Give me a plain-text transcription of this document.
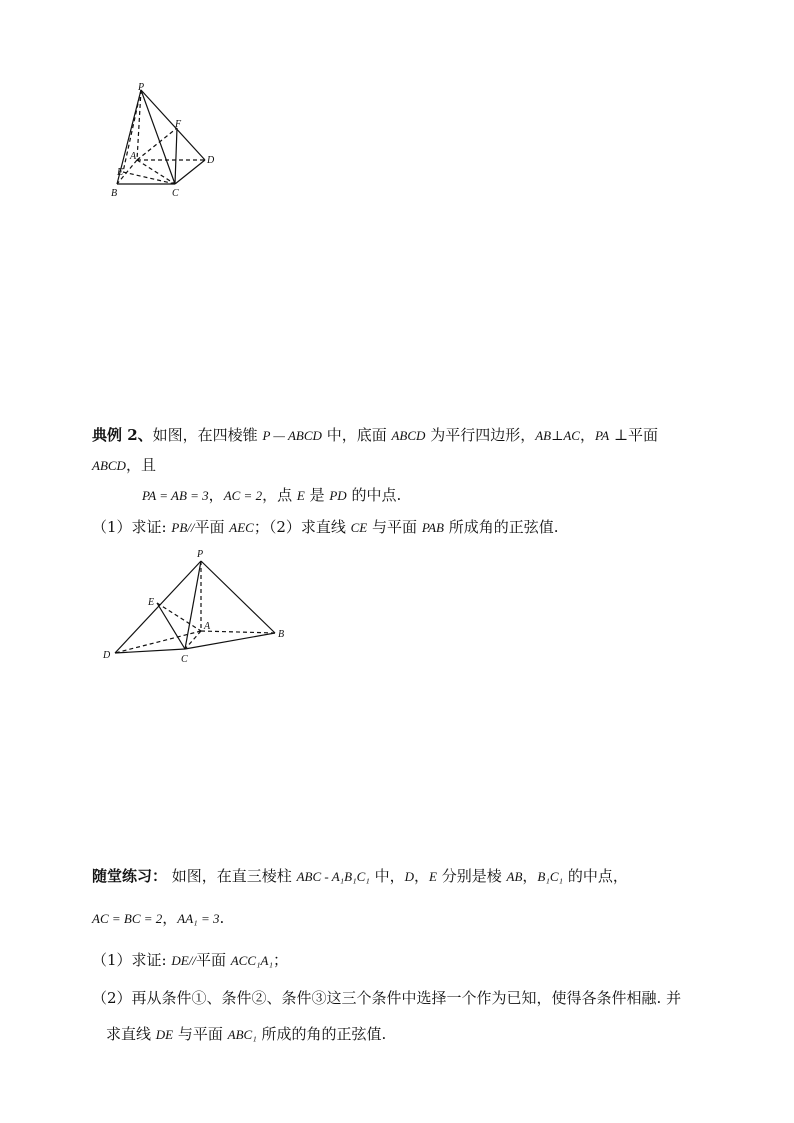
P
F
A	D
E
B	C
典例 2、如图，在四棱锥 P — ABCD 中，底面 ABCD 为平行四边形，AB⊥AC，PA ⊥平面
ABCD，且
PA = AB = 3，AC = 2，点 E 是 PD 的中点.
（1）求证: PB//平面 AEC；（2）求直线 CE 与平面 PAB 所成角的正弦值.
P
E
A
B
D	C
随堂练习： 如图，在直三棱柱 ABC - A₁B₁C₁ 中，D，E 分别是棱 AB，B₁C₁ 的中点，
AC = BC = 2，AA₁ = 3.
（1）求证: DE//平面 ACC₁A₁；
（2）再从条件①、条件②、条件③这三个条件中选择一个作为已知，使得各条件相融. 并
求直线 DE 与平面 ABC₁ 所成的角的正弦值.
